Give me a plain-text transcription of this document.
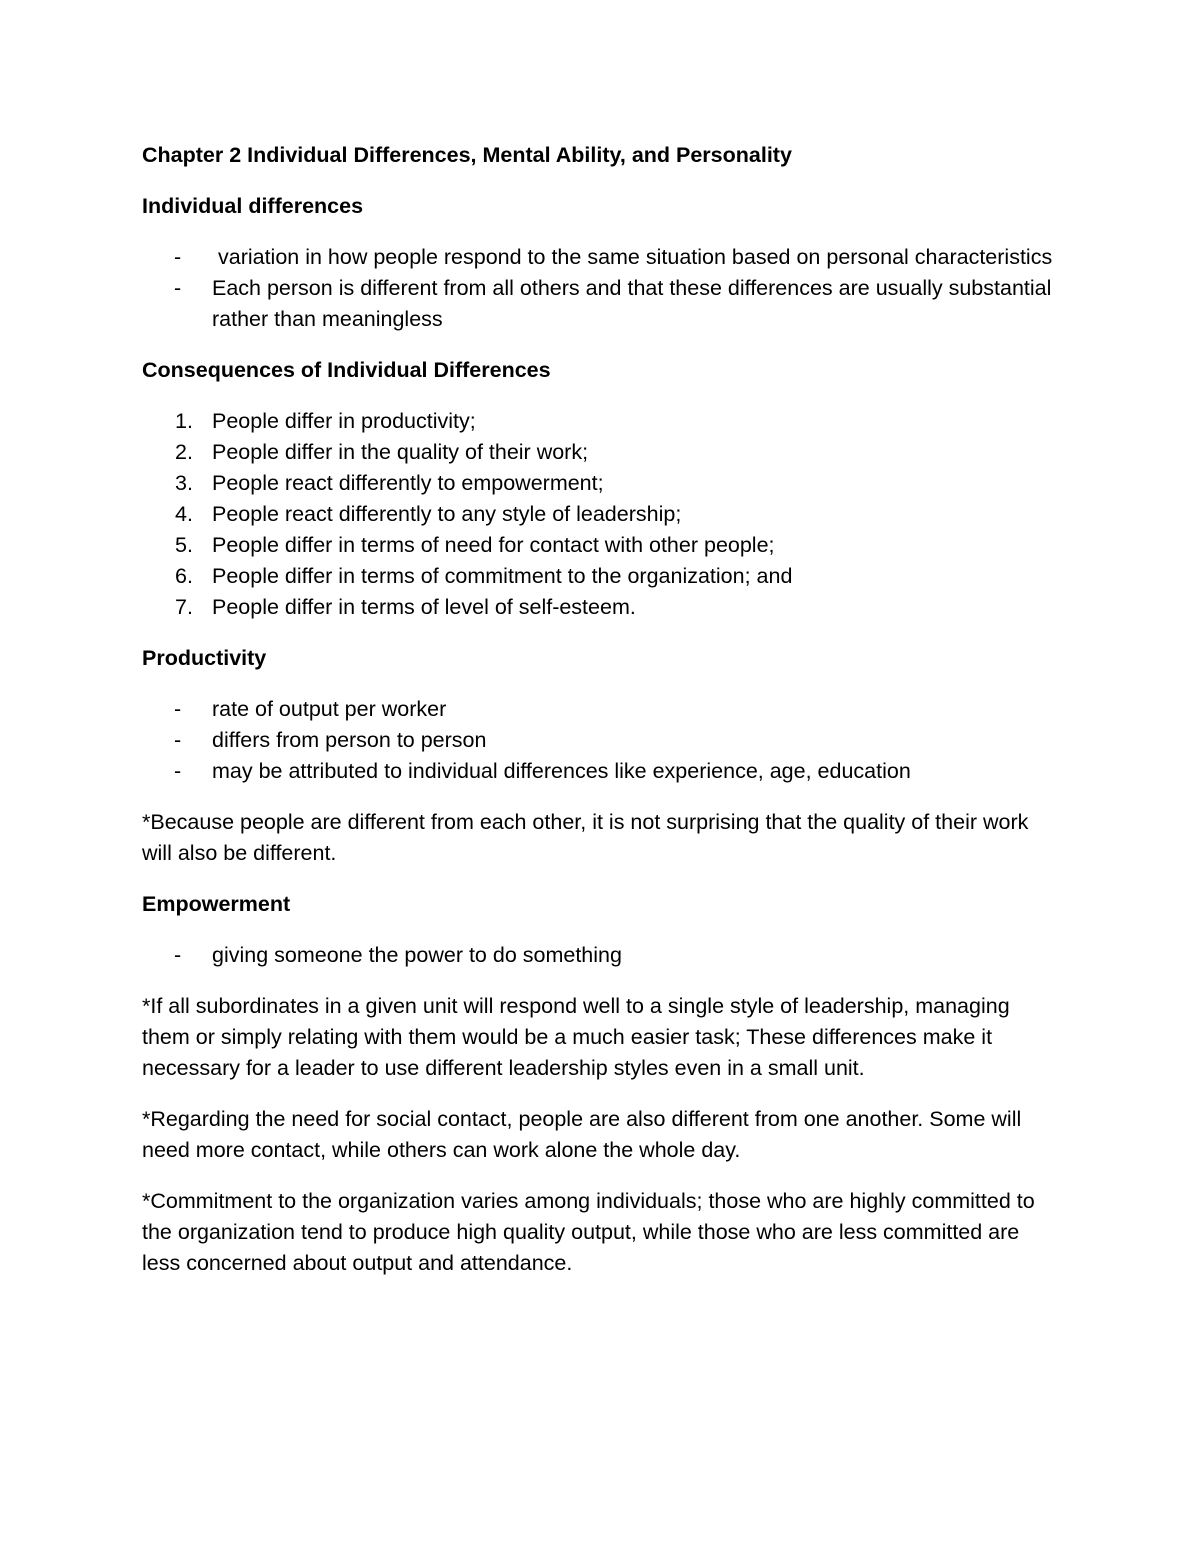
Chapter 2 Individual Differences, Mental Ability, and Personality
Individual differences
- variation in how people respond to the same situation based on personal characteristics
- Each person is different from all others and that these differences are usually substantial rather than meaningless
Consequences of Individual Differences
1. People differ in productivity;
2. People differ in the quality of their work;
3. People react differently to empowerment;
4. People react differently to any style of leadership;
5. People differ in terms of need for contact with other people;
6. People differ in terms of commitment to the organization; and
7. People differ in terms of level of self-esteem.
Productivity
- rate of output per worker
- differs from person to person
- may be attributed to individual differences like experience, age, education

*Because people are different from each other, it is not surprising that the quality of their work will also be different.

Empowerment
- giving someone the power to do something

*If all subordinates in a given unit will respond well to a single style of leadership, managing them or simply relating with them would be a much easier task; These differences make it necessary for a leader to use different leadership styles even in a small unit.

*Regarding the need for social contact, people are also different from one another. Some will need more contact, while others can work alone the whole day.

*Commitment to the organization varies among individuals; those who are highly committed to the organization tend to produce high quality output, while those who are less committed are less concerned about output and attendance.
